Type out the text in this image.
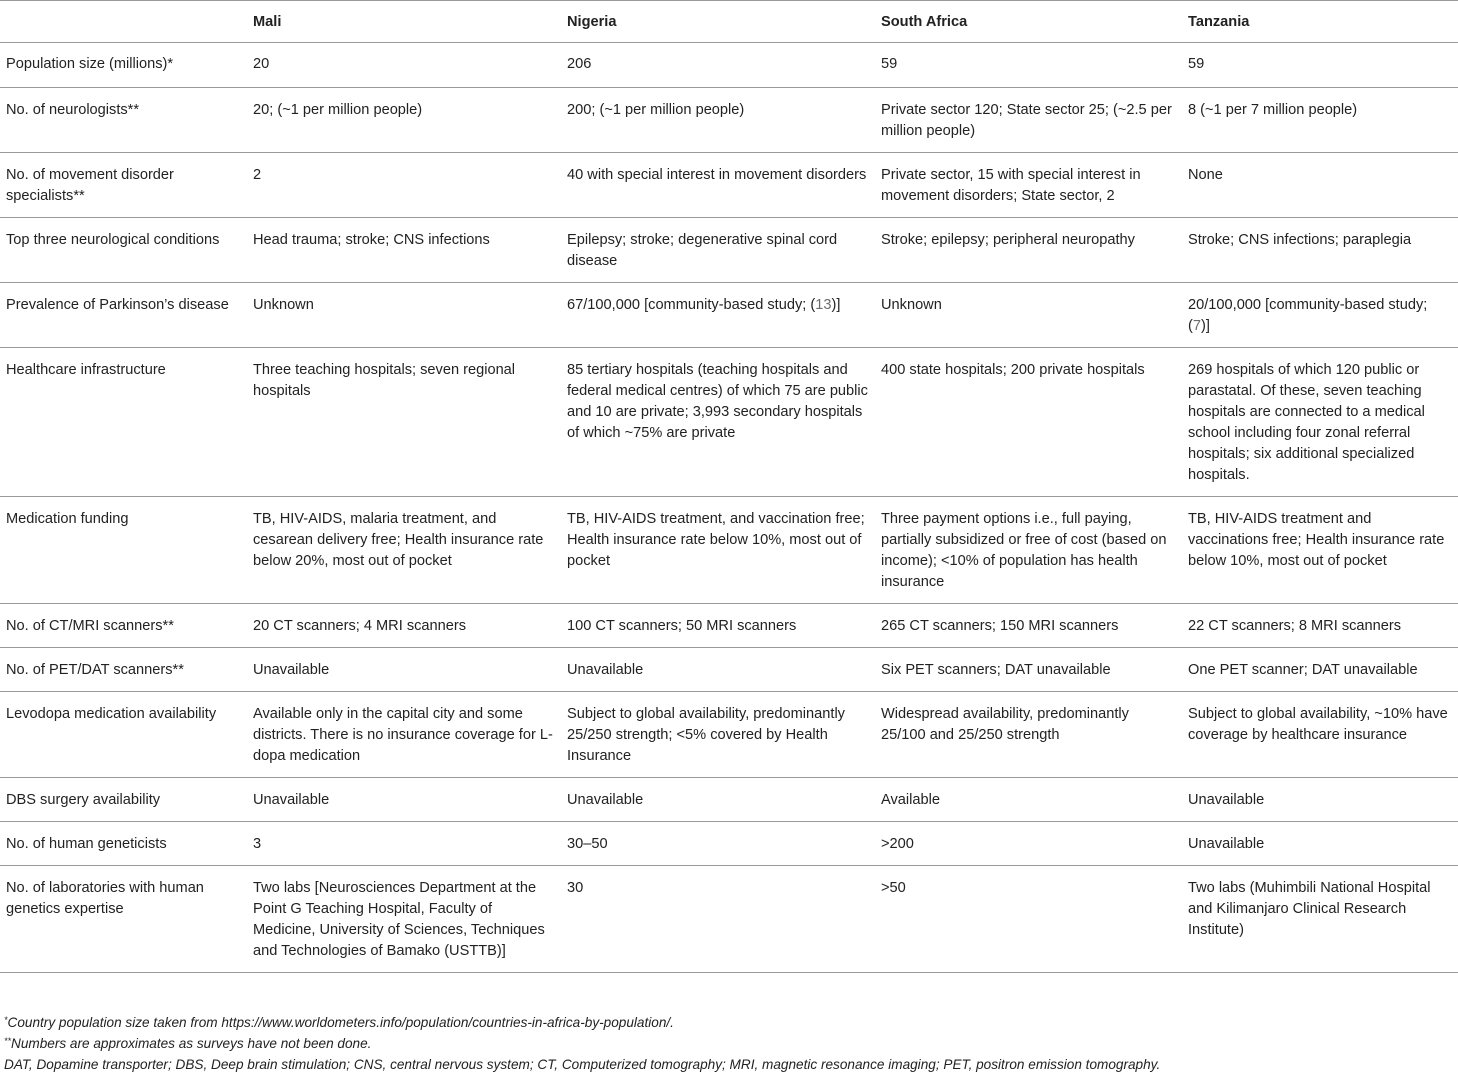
	Mali	Nigeria	South Africa	Tanzania
Population size (millions)*	20	206	59	59
No. of neurologists**	20; (~1 per million people)	200; (~1 per million people)	Private sector 120; State sector 25; (~2.5 per million people)	8 (~1 per 7 million people)
No. of movement disorder specialists**	2	40 with special interest in movement disorders	Private sector, 15 with special interest in movement disorders; State sector, 2	None
Top three neurological conditions	Head trauma; stroke; CNS infections	Epilepsy; stroke; degenerative spinal cord disease	Stroke; epilepsy; peripheral neuropathy	Stroke; CNS infections; paraplegia
Prevalence of Parkinson’s disease	Unknown	67/100,000 [community-based study; (13)]	Unknown	20/100,000 [community-based study; (7)]
Healthcare infrastructure	Three teaching hospitals; seven regional hospitals	85 tertiary hospitals (teaching hospitals and federal medical centres) of which 75 are public and 10 are private; 3,993 secondary hospitals of which ~75% are private	400 state hospitals; 200 private hospitals	269 hospitals of which 120 public or parastatal. Of these, seven teaching hospitals are connected to a medical school including four zonal referral hospitals; six additional specialized hospitals.
Medication funding	TB, HIV-AIDS, malaria treatment, and cesarean delivery free; Health insurance rate below 20%, most out of pocket	TB, HIV-AIDS treatment, and vaccination free; Health insurance rate below 10%, most out of pocket	Three payment options i.e., full paying, partially subsidized or free of cost (based on income); <10% of population has health insurance	TB, HIV-AIDS treatment and vaccinations free; Health insurance rate below 10%, most out of pocket
No. of CT/MRI scanners**	20 CT scanners; 4 MRI scanners	100 CT scanners; 50 MRI scanners	265 CT scanners; 150 MRI scanners	22 CT scanners; 8 MRI scanners
No. of PET/DAT scanners**	Unavailable	Unavailable	Six PET scanners; DAT unavailable	One PET scanner; DAT unavailable
Levodopa medication availability	Available only in the capital city and some districts. There is no insurance coverage for L-dopa medication	Subject to global availability, predominantly 25/250 strength; <5% covered by Health Insurance	Widespread availability, predominantly 25/100 and 25/250 strength	Subject to global availability, ~10% have coverage by healthcare insurance
DBS surgery availability	Unavailable	Unavailable	Available	Unavailable
No. of human geneticists	3	30–50	>200	Unavailable
No. of laboratories with human genetics expertise	Two labs [Neurosciences Department at the Point G Teaching Hospital, Faculty of Medicine, University of Sciences, Techniques and Technologies of Bamako (USTTB)]	30	>50	Two labs (Muhimbili National Hospital and Kilimanjaro Clinical Research Institute)
*Country population size taken from https://www.worldometers.info/population/countries-in-africa-by-population/.
**Numbers are approximates as surveys have not been done.
DAT, Dopamine transporter; DBS, Deep brain stimulation; CNS, central nervous system; CT, Computerized tomography; MRI, magnetic resonance imaging; PET, positron emission tomography.
